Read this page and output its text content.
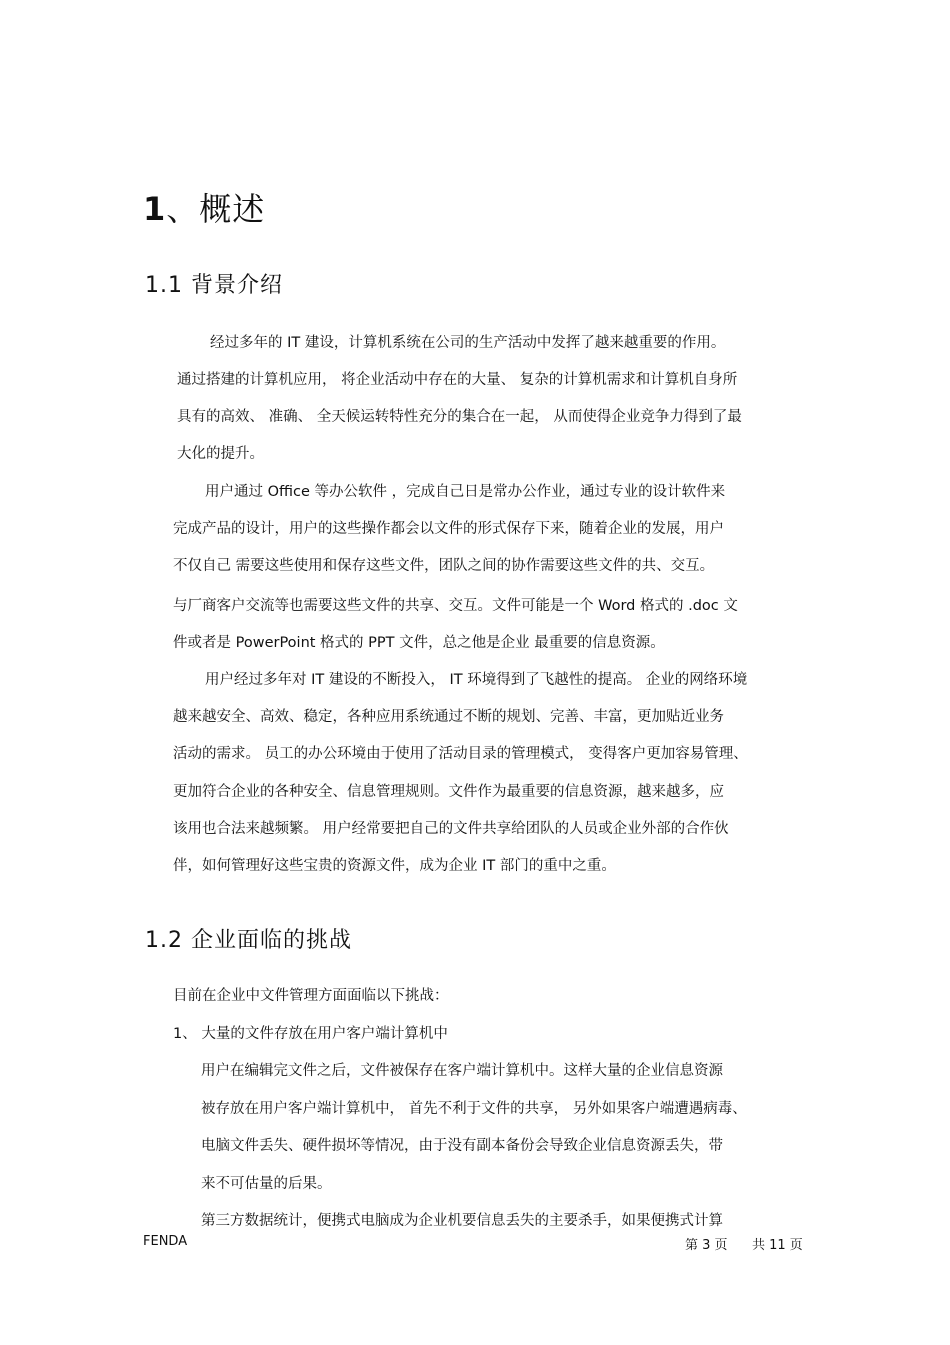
1、概述
1.1 背景介绍
经过多年的 IT 建设，计算机系统在公司的生产活动中发挥了越来越重要的作用。
通过搭建的计算机应用， 将企业活动中存在的大量、 复杂的计算机需求和计算机自身所
具有的高效、 准确、 全天候运转特性充分的集合在一起， 从而使得企业竞争力得到了最
大化的提升。
用户通过 Office 等办公软件 ，完成自己日是常办公作业，通过专业的设计软件来
完成产品的设计，用户的这些操作都会以文件的形式保存下来，随着企业的发展，用户
不仅自己 需要这些使用和保存这些文件，团队之间的协作需要这些文件的共、交互。
与厂商客户交流等也需要这些文件的共享、交互。文件可能是一个 Word 格式的 .doc 文
件或者是 PowerPoint 格式的 PPT 文件，总之他是企业 最重要的信息资源。
用户经过多年对 IT 建设的不断投入， IT 环境得到了飞越性的提高。 企业的网络环境
越来越安全、高效、稳定，各种应用系统通过不断的规划、完善、丰富，更加贴近业务
活动的需求。 员工的办公环境由于使用了活动目录的管理模式， 变得客户更加容易管理、
更加符合企业的各种安全、信息管理规则。文件作为最重要的信息资源，越来越多，应
该用也合法来越频繁。 用户经常要把自己的文件共享给团队的人员或企业外部的合作伙
伴，如何管理好这些宝贵的资源文件，成为企业 IT 部门的重中之重。
1.2 企业面临的挑战
目前在企业中文件管理方面面临以下挑战：
1、 大量的文件存放在用户客户端计算机中
用户在编辑完文件之后，文件被保存在客户端计算机中。这样大量的企业信息资源
被存放在用户客户端计算机中， 首先不利于文件的共享， 另外如果客户端遭遇病毒、
电脑文件丢失、硬件损坏等情况，由于没有副本备份会导致企业信息资源丢失，带
来不可估量的后果。
第三方数据统计，便携式电脑成为企业机要信息丢失的主要杀手，如果便携式计算
FENDA	第 3 页 共 11 页
